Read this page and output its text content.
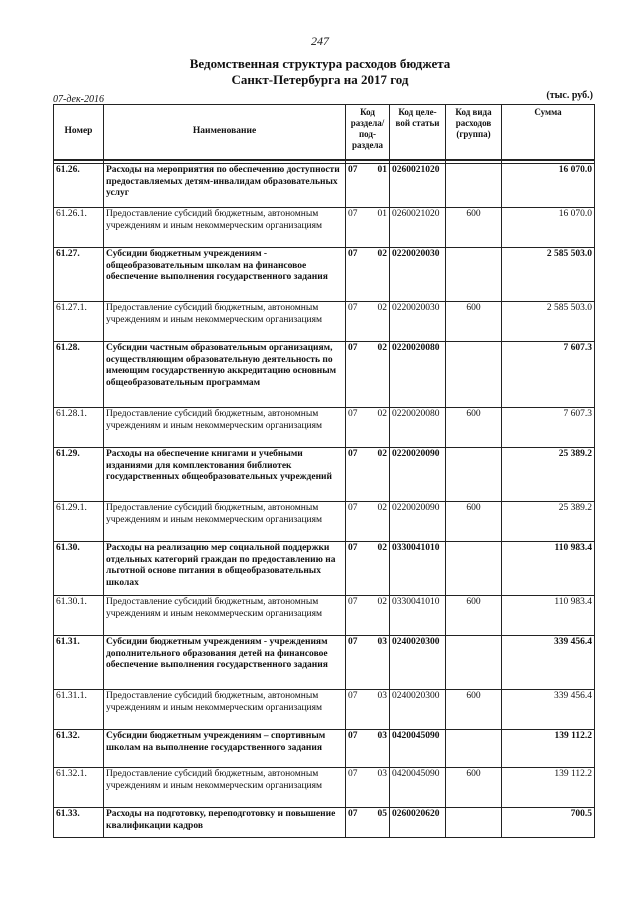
247
Ведомственная структура расходов бюджета
Санкт-Петербурга на 2017 год
07-дек-2016	(тыс. руб.)
Номер	Наименование	Код раздела/ под- раздела	Код целе- вой статьи	Код вида расходов (группа)	Сумма

61.26.	Расходы на мероприятия по обеспечению доступности предоставляемых детям-инвалидам образовательных услуг	07 01	0260021020		16 070.0
61.26.1.	Предоставление субсидий бюджетным, автономным учреждениям и иным некоммерческим организациям	07 01	0260021020	600	16 070.0
61.27.	Субсидии бюджетным учреждениям - общеобразовательным школам на финансовое обеспечение выполнения государственного задания	07 02	0220020030		2 585 503.0
61.27.1.	Предоставление субсидий бюджетным, автономным учреждениям и иным некоммерческим организациям	07 02	0220020030	600	2 585 503.0
61.28.	Субсидии частным образовательным организациям, осуществляющим образовательную деятельность по имеющим государственную аккредитацию основным общеобразовательным программам	07 02	0220020080		7 607.3
61.28.1.	Предоставление субсидий бюджетным, автономным учреждениям и иным некоммерческим организациям	07 02	0220020080	600	7 607.3
61.29.	Расходы на обеспечение книгами и учебными изданиями для комплектования библиотек государственных общеобразовательных учреждений	07 02	0220020090		25 389.2
61.29.1.	Предоставление субсидий бюджетным, автономным учреждениям и иным некоммерческим организациям	07 02	0220020090	600	25 389.2
61.30.	Расходы на реализацию мер социальной поддержки отдельных категорий граждан по предоставлению на льготной основе питания в общеобразовательных школах	07 02	0330041010		110 983.4
61.30.1.	Предоставление субсидий бюджетным, автономным учреждениям и иным некоммерческим организациям	07 02	0330041010	600	110 983.4
61.31.	Субсидии бюджетным учреждениям - учреждениям дополнительного образования детей на финансовое обеспечение выполнения государственного задания	07 03	0240020300		339 456.4
61.31.1.	Предоставление субсидий бюджетным, автономным учреждениям и иным некоммерческим организациям	07 03	0240020300	600	339 456.4
61.32.	Субсидии бюджетным учреждениям – спортивным школам на выполнение государственного задания	07 03	0420045090		139 112.2
61.32.1.	Предоставление субсидий бюджетным, автономным учреждениям и иным некоммерческим организациям	07 03	0420045090	600	139 112.2
61.33.	Расходы на подготовку, переподготовку и повышение квалификации кадров	07 05	0260020620		700.5
